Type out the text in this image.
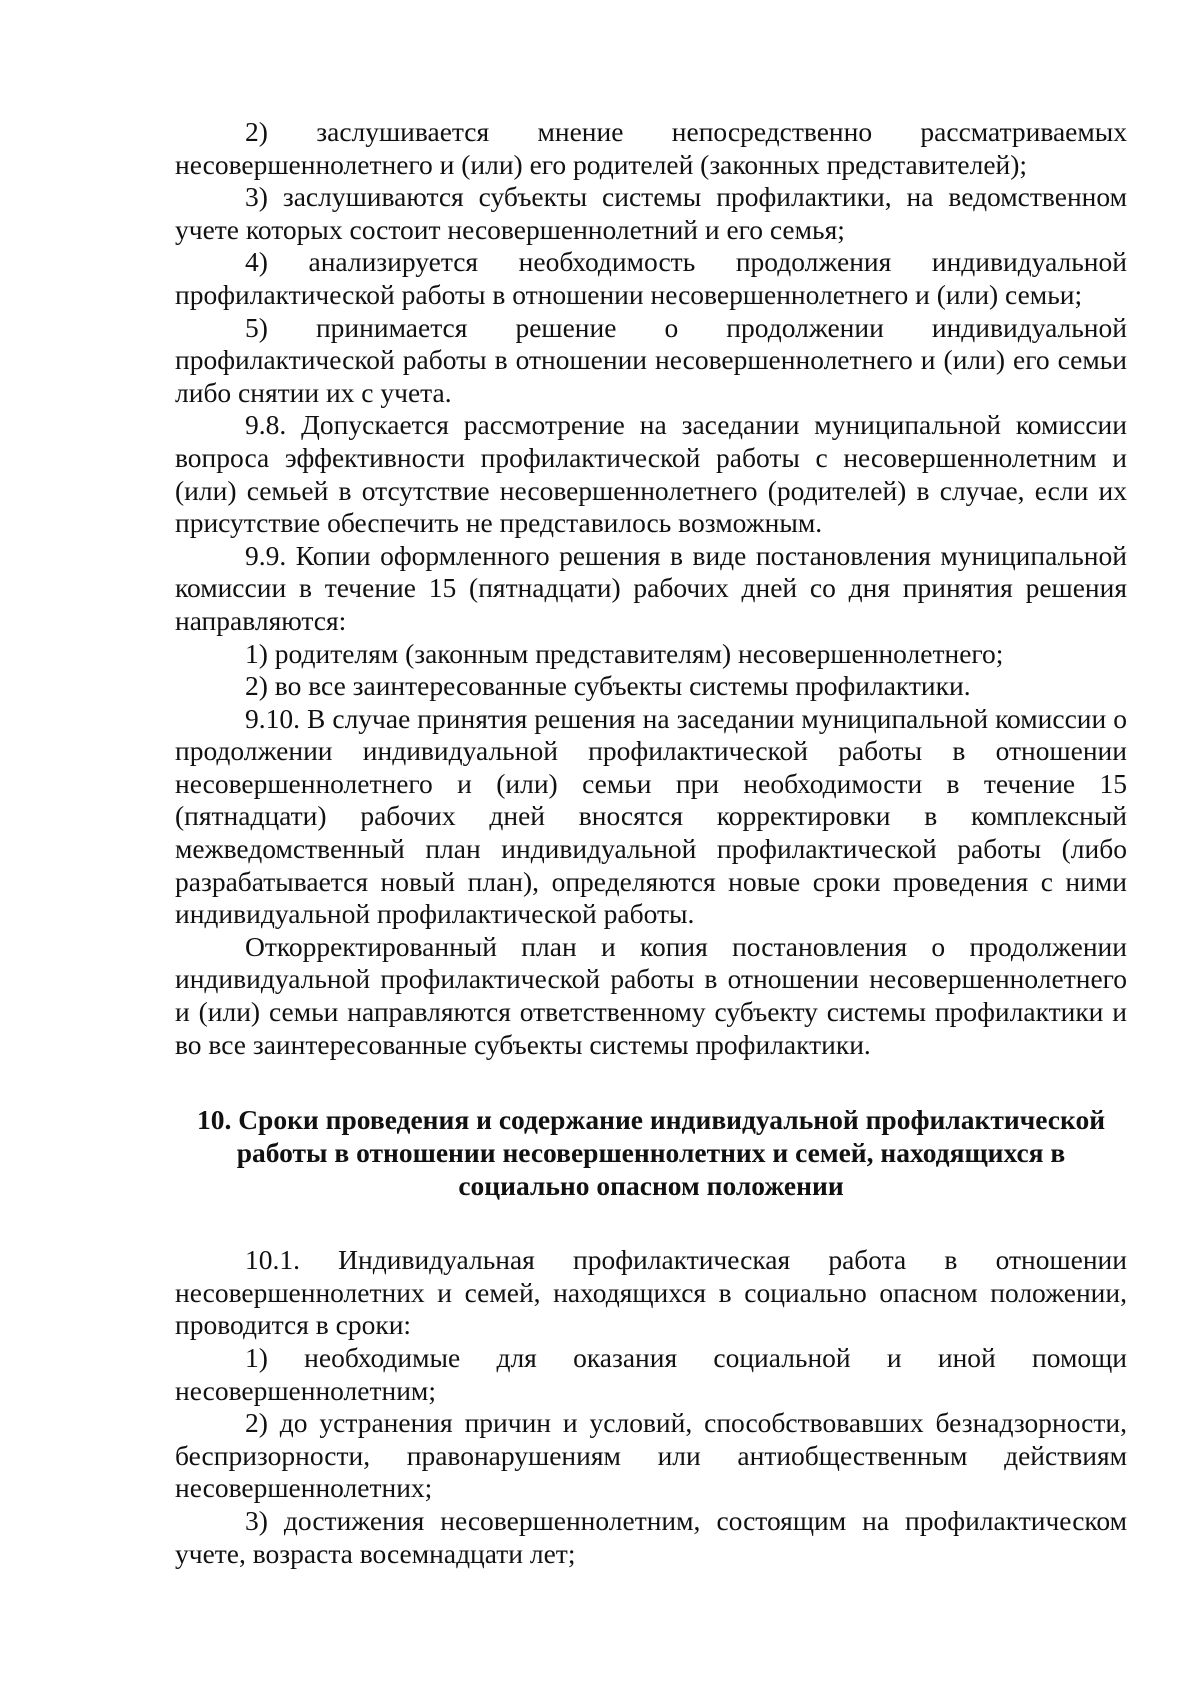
2) заслушивается мнение непосредственно рассматриваемых несовершеннолетнего и (или) его родителей (законных представителей);

3) заслушиваются субъекты системы профилактики, на ведомственном учете которых состоит несовершеннолетний и его семья;

4) анализируется необходимость продолжения индивидуальной профилактической работы в отношении несовершеннолетнего и (или) семьи;

5) принимается решение о продолжении индивидуальной профилактической работы в отношении несовершеннолетнего и (или) его семьи либо снятии их с учета.

9.8. Допускается рассмотрение на заседании муниципальной комиссии вопроса эффективности профилактической работы с несовершеннолетним и (или) семьей в отсутствие несовершеннолетнего (родителей) в случае, если их присутствие обеспечить не представилось возможным.

9.9. Копии оформленного решения в виде постановления муниципальной комиссии в течение 15 (пятнадцати) рабочих дней со дня принятия решения направляются:

1) родителям (законным представителям) несовершеннолетнего;

2) во все заинтересованные субъекты системы профилактики.

9.10. В случае принятия решения на заседании муниципальной комиссии о продолжении индивидуальной профилактической работы в отношении несовершеннолетнего и (или) семьи при необходимости в течение 15 (пятнадцати) рабочих дней вносятся корректировки в комплексный межведомственный план индивидуальной профилактической работы (либо разрабатывается новый план), определяются новые сроки проведения с ними индивидуальной профилактической работы.

Откорректированный план и копия постановления о продолжении индивидуальной профилактической работы в отношении несовершеннолетнего и (или) семьи направляются ответственному субъекту системы профилактики и во все заинтересованные субъекты системы профилактики.

10. Сроки проведения и содержание индивидуальной профилактической работы в отношении несовершеннолетних и семей, находящихся в социально опасном положении

10.1. Индивидуальная профилактическая работа в отношении несовершеннолетних и семей, находящихся в социально опасном положении, проводится в сроки:

1) необходимые для оказания социальной и иной помощи несовершеннолетним;

2) до устранения причин и условий, способствовавших безнадзорности, беспризорности, правонарушениям или антиобщественным действиям несовершеннолетних;

3) достижения несовершеннолетним, состоящим на профилактическом учете, возраста восемнадцати лет;
